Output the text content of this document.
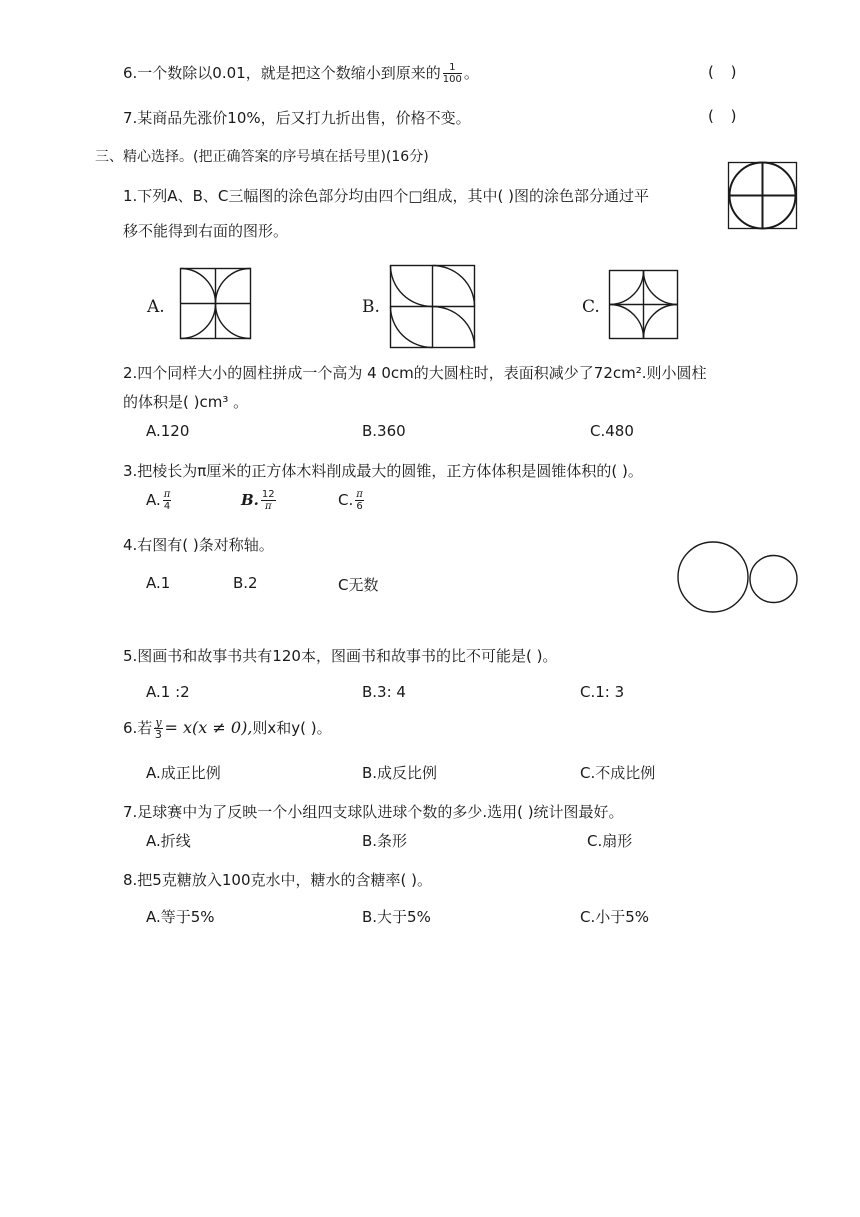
6.一个数除以0.01，就是把这个数缩小到原来的 $\frac{1}{100}$ 。	( )
7.某商品先涨价10%，后又打九折出售，价格不变。	( )
三、精心选择。(把正确答案的序号填在括号里)(16分)
1.下列A、B、C三幅图的涂色部分均由四个□组成，其中( )图的涂色部分通过平
移不能得到右面的图形。
A.	B.	C.
2.四个同样大小的圆柱拼成一个高为 4 0cm的大圆柱时，表面积减少了72cm².则小圆柱
的体积是( )cm³ 。
A.120	B.360	C.480
3.把棱长为π厘米的正方体木料削成最大的圆锥，正方体体积是圆锥体积的( )。
A. $\frac{\pi}{4}$	B. $\frac{12}{\pi}$	C. $\frac{\pi}{6}$
4.右图有( )条对称轴。
A.1	B.2	C无数
5.图画书和故事书共有120本，图画书和故事书的比不可能是( )。
A.1 :2	B.3: 4	C.1: 3
6.若 $\frac{y}{3} = x(x \ne 0)$,则x和y( )。
A.成正比例	B.成反比例	C.不成比例
7.足球赛中为了反映一个小组四支球队进球个数的多少.选用( )统计图最好。
A.折线	B.条形	C.扇形
8.把5克糖放入100克水中，糖水的含糖率( )。
A.等于5%	B.大于5%	C.小于5%
